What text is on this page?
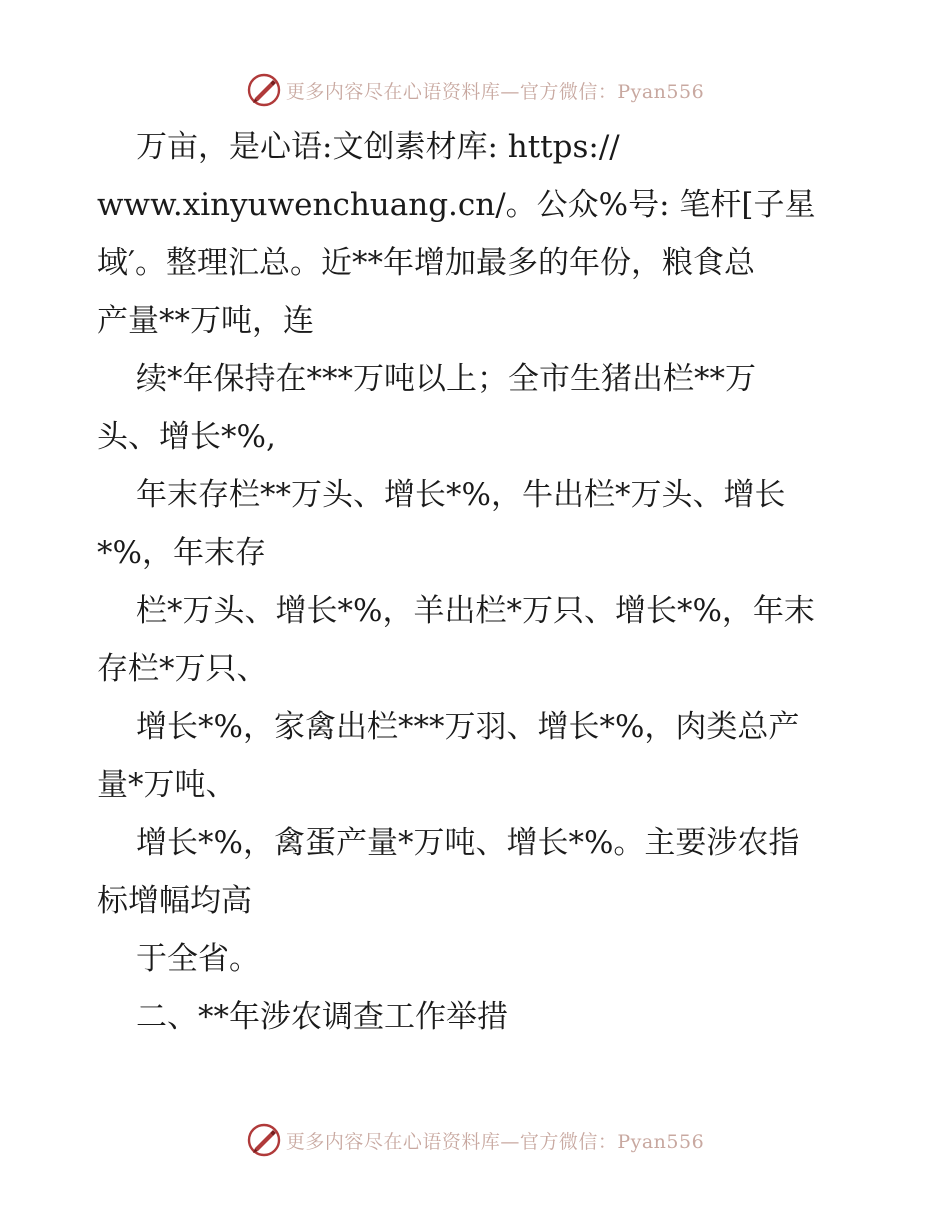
更多内容尽在心语资料库—官方微信：Pyan556
万亩，是心语:文创素材库: https://
www.xinyuwenchuang.cn/。公众%号: 笔杆[子星
域′。整理汇总。近**年增加最多的年份，粮食总
产量**万吨，连
续*年保持在***万吨以上；全市生猪出栏**万
头、增长*%,
年末存栏**万头、增长*%，牛出栏*万头、增长
*%，年末存
栏*万头、增长*%，羊出栏*万只、增长*%，年末
存栏*万只、
增长*%，家禽出栏***万羽、增长*%，肉类总产
量*万吨、
增长*%，禽蛋产量*万吨、增长*%。主要涉农指
标增幅均高
于全省。
二、**年涉农调查工作举措
更多内容尽在心语资料库—官方微信：Pyan556
